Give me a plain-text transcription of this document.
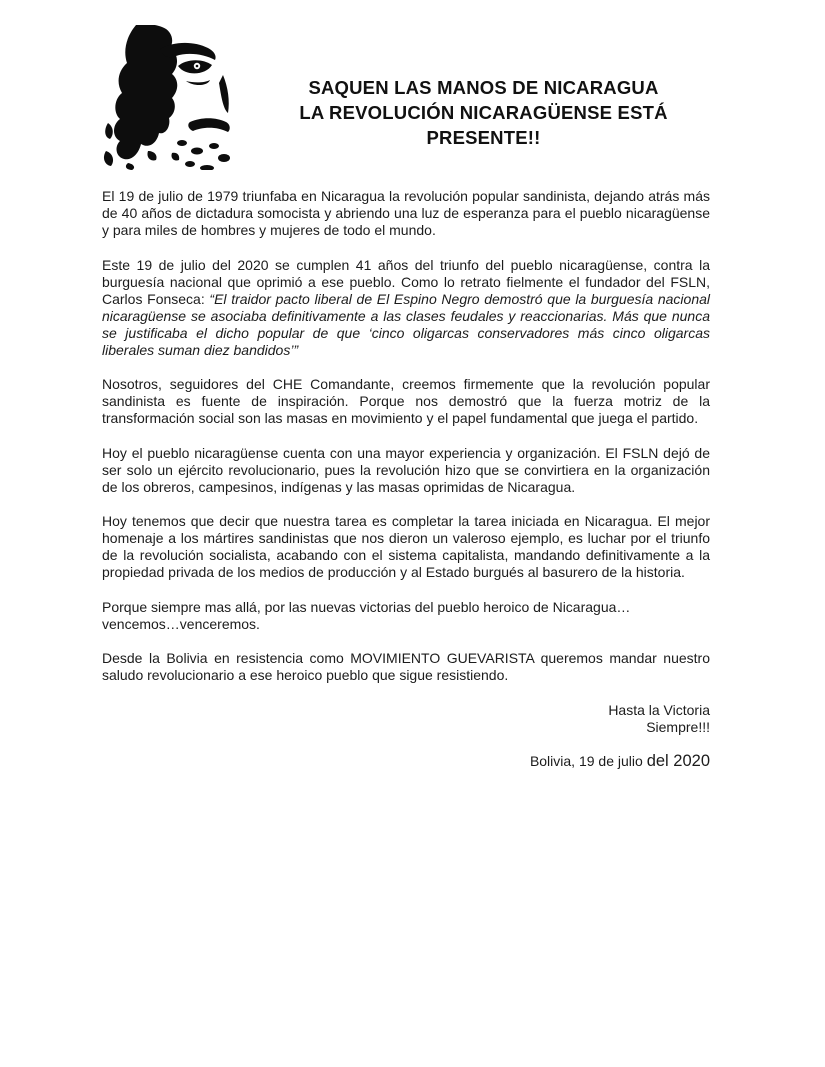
SAQUEN LAS MANOS DE NICARAGUA
LA REVOLUCIÓN NICARAGÜENSE ESTÁ
PRESENTE!!

El 19 de julio de 1979 triunfaba en Nicaragua la revolución popular sandinista, dejando atrás más de 40 años de dictadura somocista y abriendo una luz de esperanza para el pueblo nicaragüense y para miles de hombres y mujeres de todo el mundo.

Este 19 de julio del 2020 se cumplen 41 años del triunfo del pueblo nicaragüense, contra la burguesía nacional que oprimió a ese pueblo. Como lo retrato fielmente el fundador del FSLN, Carlos Fonseca: “El traidor pacto liberal de El Espino Negro demostró que la burguesía nacional nicaragüense se asociaba definitivamente a las clases feudales y reaccionarias. Más que nunca se justificaba el dicho popular de que ‘cinco oligarcas conservadores más cinco oligarcas liberales suman diez bandidos’”

Nosotros, seguidores del CHE Comandante, creemos firmemente que la revolución popular sandinista es fuente de inspiración. Porque nos demostró que la fuerza motriz de la transformación social son las masas en movimiento y el papel fundamental que juega el partido.

Hoy el pueblo nicaragüense cuenta con una mayor experiencia y organización. El FSLN dejó de ser solo un ejército revolucionario, pues la revolución hizo que se convirtiera en la organización de los obreros, campesinos, indígenas y las masas oprimidas de Nicaragua.

Hoy tenemos que decir que nuestra tarea es completar la tarea iniciada en Nicaragua. El mejor homenaje a los mártires sandinistas que nos dieron un valeroso ejemplo, es luchar por el triunfo de la revolución socialista, acabando con el sistema capitalista, mandando definitivamente a la propiedad privada de los medios de producción y al Estado burgués al basurero de la historia.

Porque siempre mas allá, por las nuevas victorias del pueblo heroico de Nicaragua…
vencemos…venceremos.

Desde la Bolivia en resistencia como MOVIMIENTO GUEVARISTA queremos mandar nuestro saludo revolucionario a ese heroico pueblo que sigue resistiendo.

Hasta la Victoria
Siempre!!!

Bolivia, 19 de julio del 2020
